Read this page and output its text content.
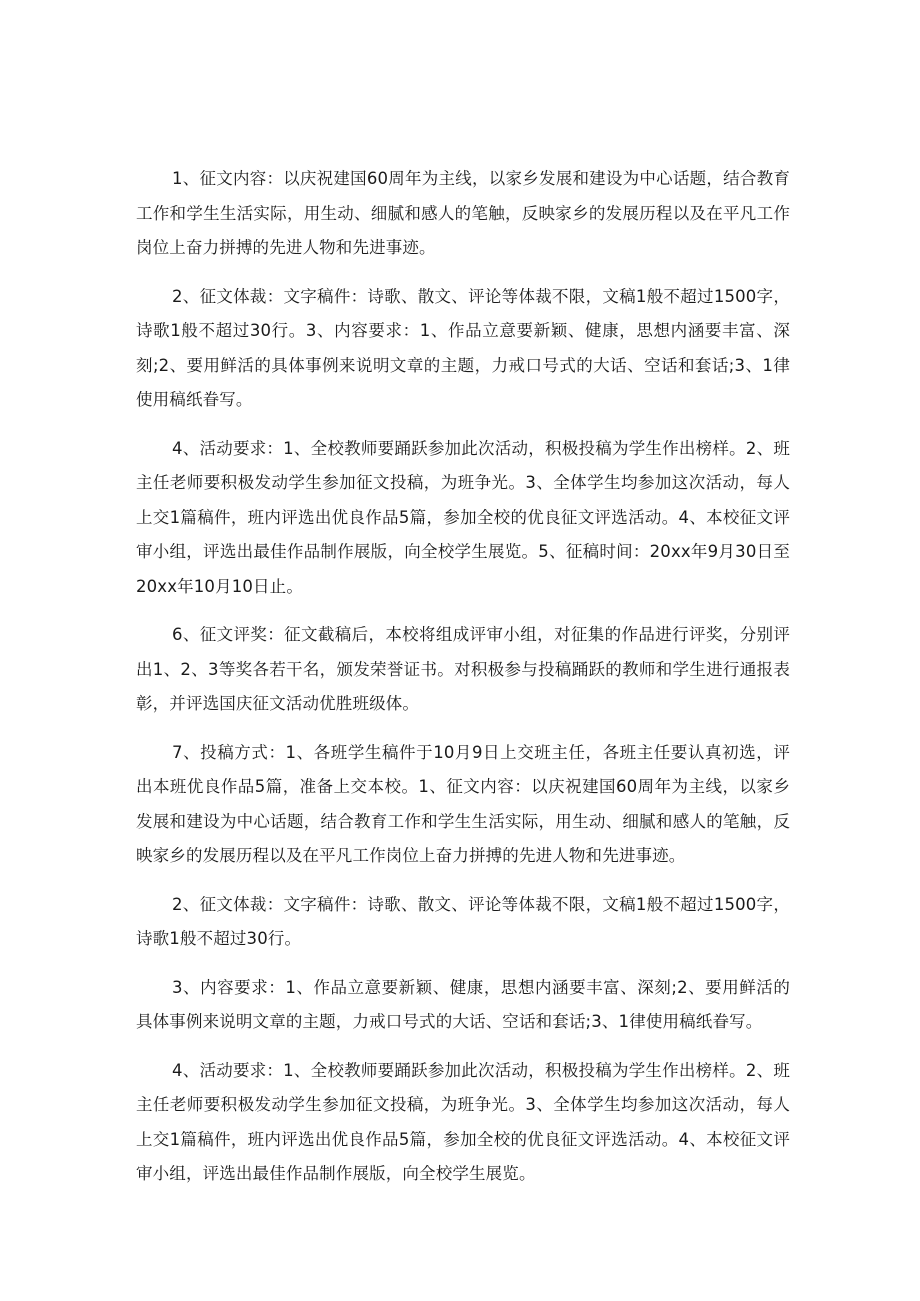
1、征文内容：以庆祝建国60周年为主线，以家乡发展和建设为中心话题，结合教育工作和学生生活实际，用生动、细腻和感人的笔触，反映家乡的发展历程以及在平凡工作岗位上奋力拼搏的先进人物和先进事迹。

2、征文体裁：文字稿件：诗歌、散文、评论等体裁不限，文稿1般不超过1500字，诗歌1般不超过30行。3、内容要求：1、作品立意要新颖、健康，思想内涵要丰富、深刻;2、要用鲜活的具体事例来说明文章的主题，力戒口号式的大话、空话和套话;3、1律使用稿纸眷写。

4、活动要求：1、全校教师要踊跃参加此次活动，积极投稿为学生作出榜样。2、班主任老师要积极发动学生参加征文投稿，为班争光。3、全体学生均参加这次活动，每人上交1篇稿件，班内评选出优良作品5篇，参加全校的优良征文评选活动。4、本校征文评审小组，评选出最佳作品制作展版，向全校学生展览。5、征稿时间：20xx年9月30日至20xx年10月10日止。

6、征文评奖：征文截稿后，本校将组成评审小组，对征集的作品进行评奖，分别评出1、2、3等奖各若干名，颁发荣誉证书。对积极参与投稿踊跃的教师和学生进行通报表彰，并评选国庆征文活动优胜班级体。

7、投稿方式：1、各班学生稿件于10月9日上交班主任，各班主任要认真初选，评出本班优良作品5篇，准备上交本校。1、征文内容：以庆祝建国60周年为主线，以家乡发展和建设为中心话题，结合教育工作和学生生活实际，用生动、细腻和感人的笔触，反映家乡的发展历程以及在平凡工作岗位上奋力拼搏的先进人物和先进事迹。

2、征文体裁：文字稿件：诗歌、散文、评论等体裁不限，文稿1般不超过1500字，诗歌1般不超过30行。

3、内容要求：1、作品立意要新颖、健康，思想内涵要丰富、深刻;2、要用鲜活的具体事例来说明文章的主题，力戒口号式的大话、空话和套话;3、1律使用稿纸眷写。

4、活动要求：1、全校教师要踊跃参加此次活动，积极投稿为学生作出榜样。2、班主任老师要积极发动学生参加征文投稿，为班争光。3、全体学生均参加这次活动，每人上交1篇稿件，班内评选出优良作品5篇，参加全校的优良征文评选活动。4、本校征文评审小组，评选出最佳作品制作展版，向全校学生展览。
